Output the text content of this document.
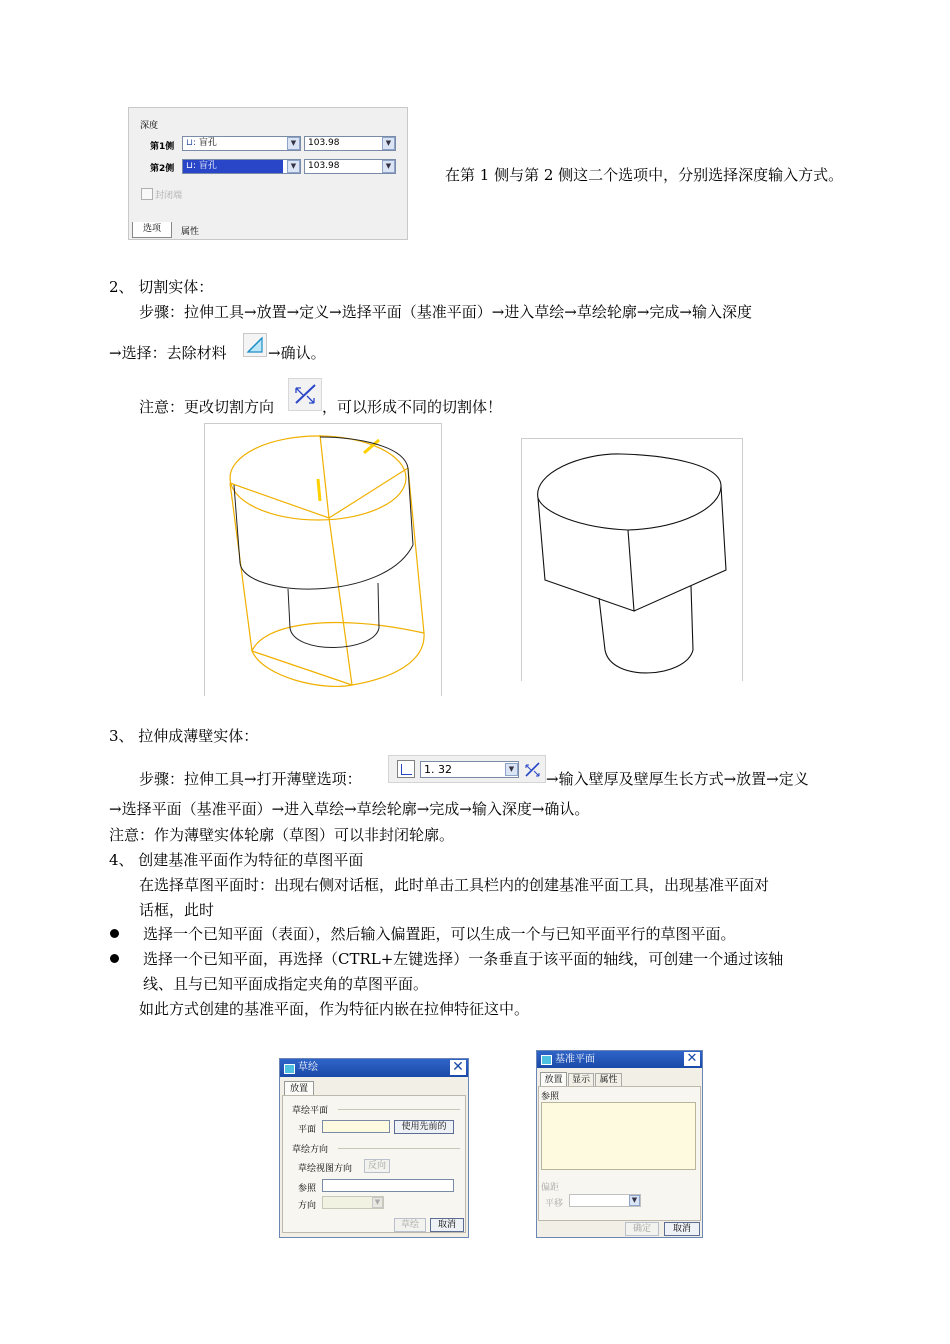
深度
第1侧	⊔: 盲孔	▼	103.98	▼
第2侧	⊔: 盲孔	▼	103.98	▼
封闭端
选项	属性
在第 1 侧与第 2 侧这二个选项中，分别选择深度输入方式。
2、 切割实体：
步骤：拉伸工具→放置→定义→选择平面（基准平面）→进入草绘→草绘轮廓→完成→输入深度
→选择：去除材料	→确认。
注意：更改切割方向	，可以形成不同的切割体！
3、 拉伸成薄壁实体：
步骤：拉伸工具→打开薄壁选项：
1. 32	▼
→输入壁厚及壁厚生长方式→放置→定义
→选择平面（基准平面）→进入草绘→草绘轮廓→完成→输入深度→确认。
注意：作为薄壁实体轮廓（草图）可以非封闭轮廓。
4、 创建基准平面作为特征的草图平面
在选择草图平面时：出现右侧对话框，此时单击工具栏内的创建基准平面工具，出现基准平面对
话框，此时
选择一个已知平面（表面），然后输入偏置距，可以生成一个与已知平面平行的草图平面。
选择一个已知平面，再选择（CTRL+左键选择）一条垂直于该平面的轴线，可创建一个通过该轴
线、且与已知平面成指定夹角的草图平面。
如此方式创建的基准平面，作为特征内嵌在拉伸特征这中。
草绘	✕
放置
草绘平面
平面	使用先前的
草绘方向
草绘视图方向	反向
参照
方向	▼
草绘	取消
基准平面	✕
放置	显示	属性
参照
偏距
平移	▼
确定	取消
